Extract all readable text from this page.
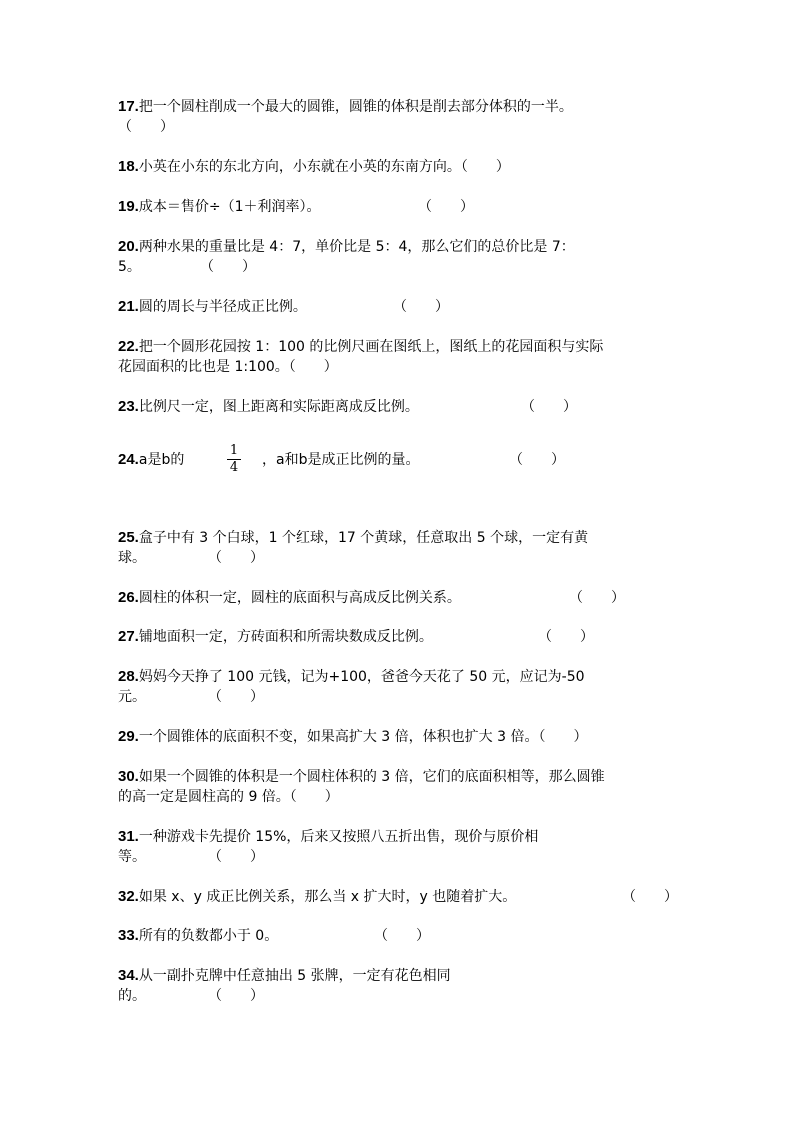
17.把一个圆柱削成一个最大的圆锥，圆锥的体积是削去部分体积的一半。
（　　）
18.小英在小东的东北方向，小东就在小英的东南方向。（　　）
19.成本＝售价÷（1＋利润率）。	（　　）
20.两种水果的重量比是 4：7，单价比是 5：4，那么它们的总价比是 7：
5。	（　　）
21.圆的周长与半径成正比例。	（　　）
22.把一个圆形花园按 1：100 的比例尺画在图纸上，图纸上的花园面积与实际
花园面积的比也是 1:100。（　　）
23.比例尺一定，图上距离和实际距离成反比例。	（　　）
24.a是b的
1
4	，a和b是成正比例的量。	（　　）
25.盒子中有 3 个白球，1 个红球，17 个黄球，任意取出 5 个球，一定有黄
球。	（　　）
26.圆柱的体积一定，圆柱的底面积与高成反比例关系。	（　　）
27.铺地面积一定，方砖面积和所需块数成反比例。	（　　）
28.妈妈今天挣了 100 元钱，记为+100，爸爸今天花了 50 元，应记为-50
元。	（　　）
29.一个圆锥体的底面积不变，如果高扩大 3 倍，体积也扩大 3 倍。（　　）
30.如果一个圆锥的体积是一个圆柱体积的 3 倍，它们的底面积相等，那么圆锥
的高一定是圆柱高的 9 倍。（　　）
31.一种游戏卡先提价 15%，后来又按照八五折出售，现价与原价相
等。	（　　）
32.如果 x、y 成正比例关系，那么当 x 扩大时，y 也随着扩大。	（　　）
33.所有的负数都小于 0。	（　　）
34.从一副扑克牌中任意抽出 5 张牌，一定有花色相同
的。	（　　）
